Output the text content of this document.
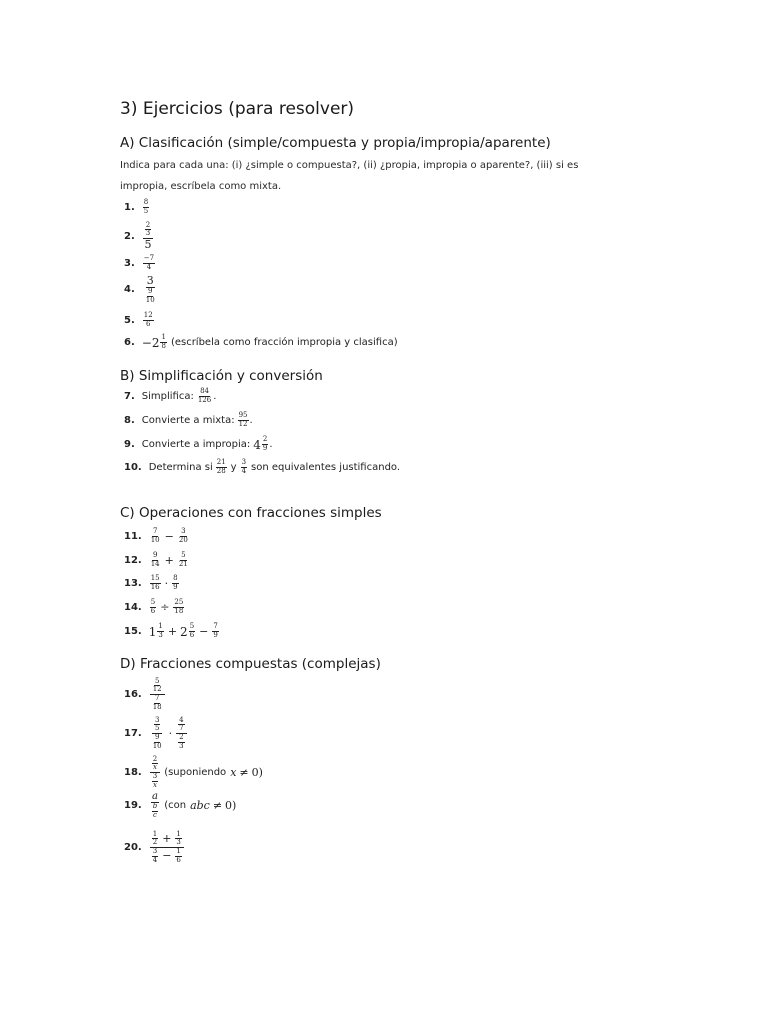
3) Ejercicios (para resolver)
A) Clasificación (simple/compuesta y propia/impropia/aparente)

Indica para cada una: (i) ¿simple o compuesta?, (ii) ¿propia, impropia o aparente?, (iii) si es impropia, escríbela como mixta.

1. $\frac{8}{5}$
2. $\frac{\frac{2}{3}}{5}$
3. $\frac{-7}{4}$
4. $\frac{3}{\frac{9}{10}}$
5. $\frac{12}{6}$
6. $-2 \frac{1}{8}$ (escríbela como fracción impropia y clasifica)
B) Simplificación y conversión
7. Simplifica: $\frac{84}{126}$ .
8. Convierte a mixta: $\frac{95}{12}$ .
9. Convierte a impropia: $4 \frac{2}{9}$ .
10. Determina si $\frac{21}{28}$ y $\frac{3}{4}$ son equivalentes justificando.
C) Operaciones con fracciones simples
11. $\frac{7}{10} - \frac{3}{20}$
12. $\frac{9}{14} + \frac{5}{21}$
13. $\frac{15}{16} \cdot \frac{8}{9}$
14. $\frac{5}{6} \div \frac{25}{18}$
15. $1 \frac{1}{3} + 2 \frac{5}{6} - \frac{7}{9}$
D) Fracciones compuestas (complejas)
16. $\frac{\frac{5}{12}}{\frac{7}{18}}$
17. $\frac{\frac{3}{5}}{\frac{9}{10}} \cdot \frac{\frac{4}{7}}{\frac{2}{3}}$
18. $\frac{\frac{2}{x}}{\frac{3}{x}}$ (suponiendo x ≠ 0)
19. $\frac{a}{\frac{b}{c}} (con$ abc ≠ 0)
20. $\frac{\frac{1}{2} + \frac{1}{3}}{\frac{3}{4} - \frac{1}{6}}$
